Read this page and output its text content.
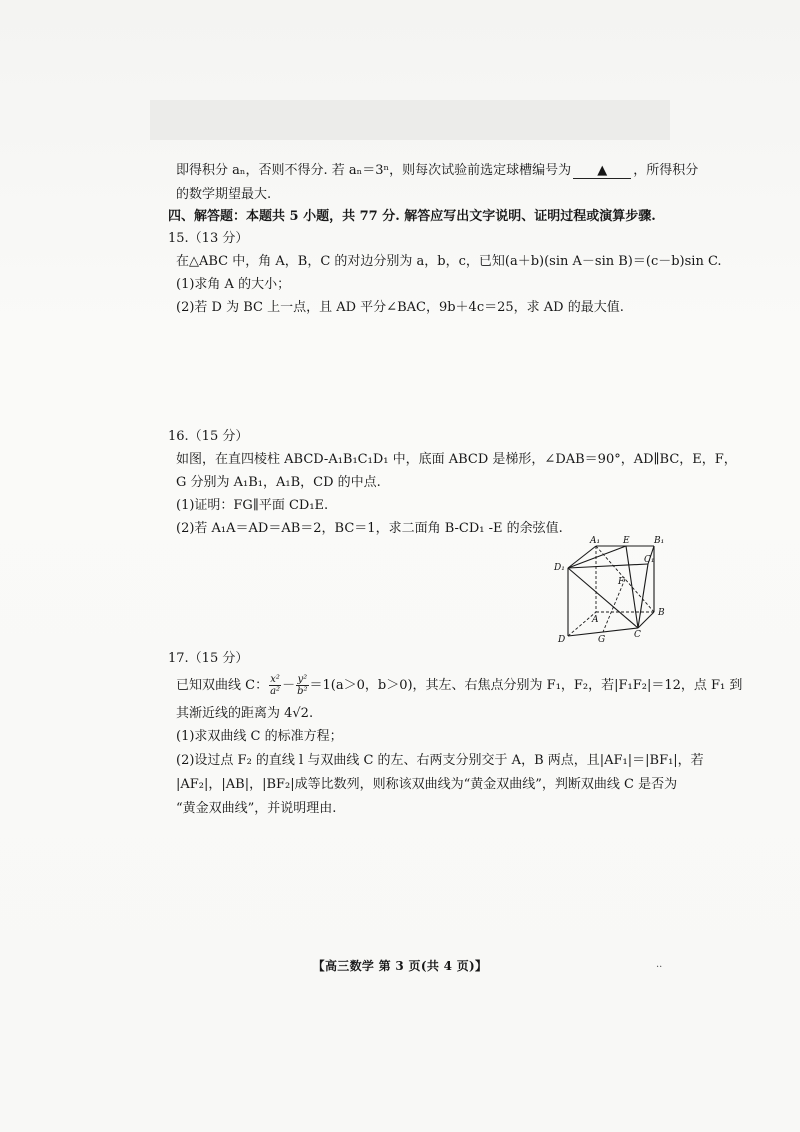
即得积分 aₙ，否则不得分. 若 aₙ＝3ⁿ，则每次试验前选定球槽编号为 ▲ ，所得积分
的数学期望最大.
四、解答题：本题共 5 小题，共 77 分. 解答应写出文字说明、证明过程或演算步骤.
15.（13 分）
在△ABC 中，角 A，B，C 的对边分别为 a，b，c，已知(a＋b)(sin A－sin B)＝(c－b)sin C.
(1)求角 A 的大小；
(2)若 D 为 BC 上一点，且 AD 平分∠BAC，9b＋4c＝25，求 AD 的最大值.
16.（15 分）
如图，在直四棱柱 ABCD-A₁B₁C₁D₁ 中，底面 ABCD 是梯形，∠DAB＝90°，AD∥BC，E，F，
G 分别为 A₁B₁，A₁B，CD 的中点.
(1)证明：FG∥平面 CD₁E.
(2)若 A₁A＝AD＝AB＝2，BC＝1，求二面角 B-CD₁ -E 的余弦值.
A₁	E	B₁
D₁
C₁
F
A
B
D	G	C
17.（15 分）
已知双曲线 C： $\frac{\text{x²}}{\text{a²}} - \frac{\text{y²}}{\text{b²}} =1(a>0$，b＞0)，其左、右焦点分别为 F₁，F₂，若|F₁F₂|＝12，点 F₁ 到
其渐近线的距离为 4√2.
(1)求双曲线 C 的标准方程；
(2)设过点 F₂ 的直线 l 与双曲线 C 的左、右两支分别交于 A，B 两点，且|AF₁|＝|BF₁|，若
|AF₂|，|AB|，|BF₂|成等比数列，则称该双曲线为“黄金双曲线”，判断双曲线 C 是否为
“黄金双曲线”，并说明理由.
【高三数学 第 3 页(共 4 页)】	··
